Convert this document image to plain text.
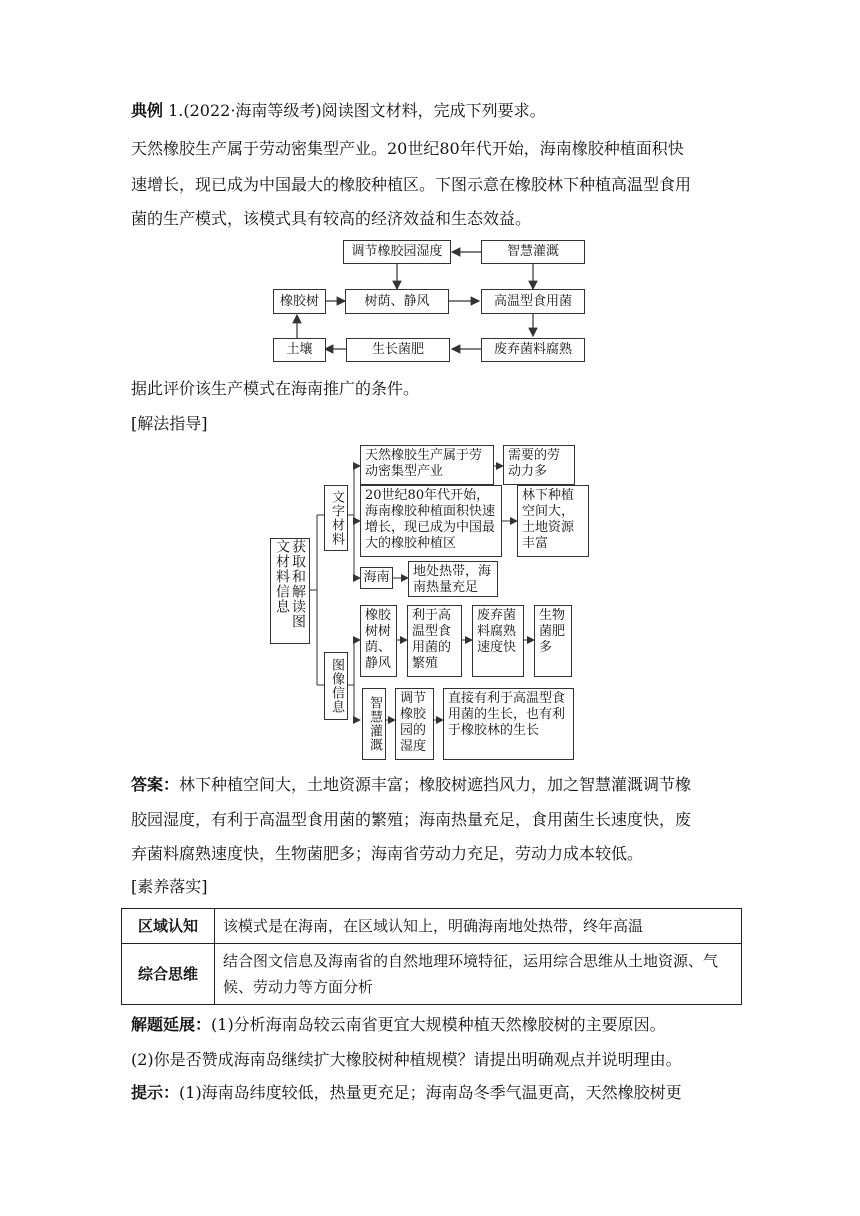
典例 1.(2022·海南等级考)阅读图文材料，完成下列要求。
天然橡胶生产属于劳动密集型产业。20世纪80年代开始，海南橡胶种植面积快
速增长，现已成为中国最大的橡胶种植区。下图示意在橡胶林下种植高温型食用
菌的生产模式，该模式具有较高的经济效益和生态效益。
调节橡胶园湿度	智慧灌溉
橡胶树	树荫、静风	高温型食用菌
土壤	生长菌肥	废弃菌料腐熟
据此评价该生产模式在海南推广的条件。
[解法指导]
获取和解读图文材料信息
文字材料
图像信息
天然橡胶生产属于劳动密集型产业
需要的劳动力多
20世纪80年代开始，海南橡胶种植面积快速增长，现已成为中国最大的橡胶种植区
林下种植空间大，土地资源丰富
海南	地处热带，海南热量充足
橡胶树树荫、静风
利于高温型食用菌的繁殖
废弃菌料腐熟速度快
生物菌肥多
智慧灌溉	调节橡胶园的湿度
直接有利于高温型食用菌的生长，也有利于橡胶林的生长
答案：林下种植空间大，土地资源丰富；橡胶树遮挡风力，加之智慧灌溉调节橡
胶园湿度，有利于高温型食用菌的繁殖；海南热量充足，食用菌生长速度快，废
弃菌料腐熟速度快，生物菌肥多；海南省劳动力充足，劳动力成本较低。
[素养落实]
区域认知	该模式是在海南，在区域认知上，明确海南地处热带，终年高温
综合思维	结合图文信息及海南省的自然地理环境特征，运用综合思维从土地资源、气候、劳动力等方面分析
解题延展：(1)分析海南岛较云南省更宜大规模种植天然橡胶树的主要原因。
(2)你是否赞成海南岛继续扩大橡胶树种植规模？请提出明确观点并说明理由。
提示：(1)海南岛纬度较低，热量更充足；海南岛冬季气温更高，天然橡胶树更
